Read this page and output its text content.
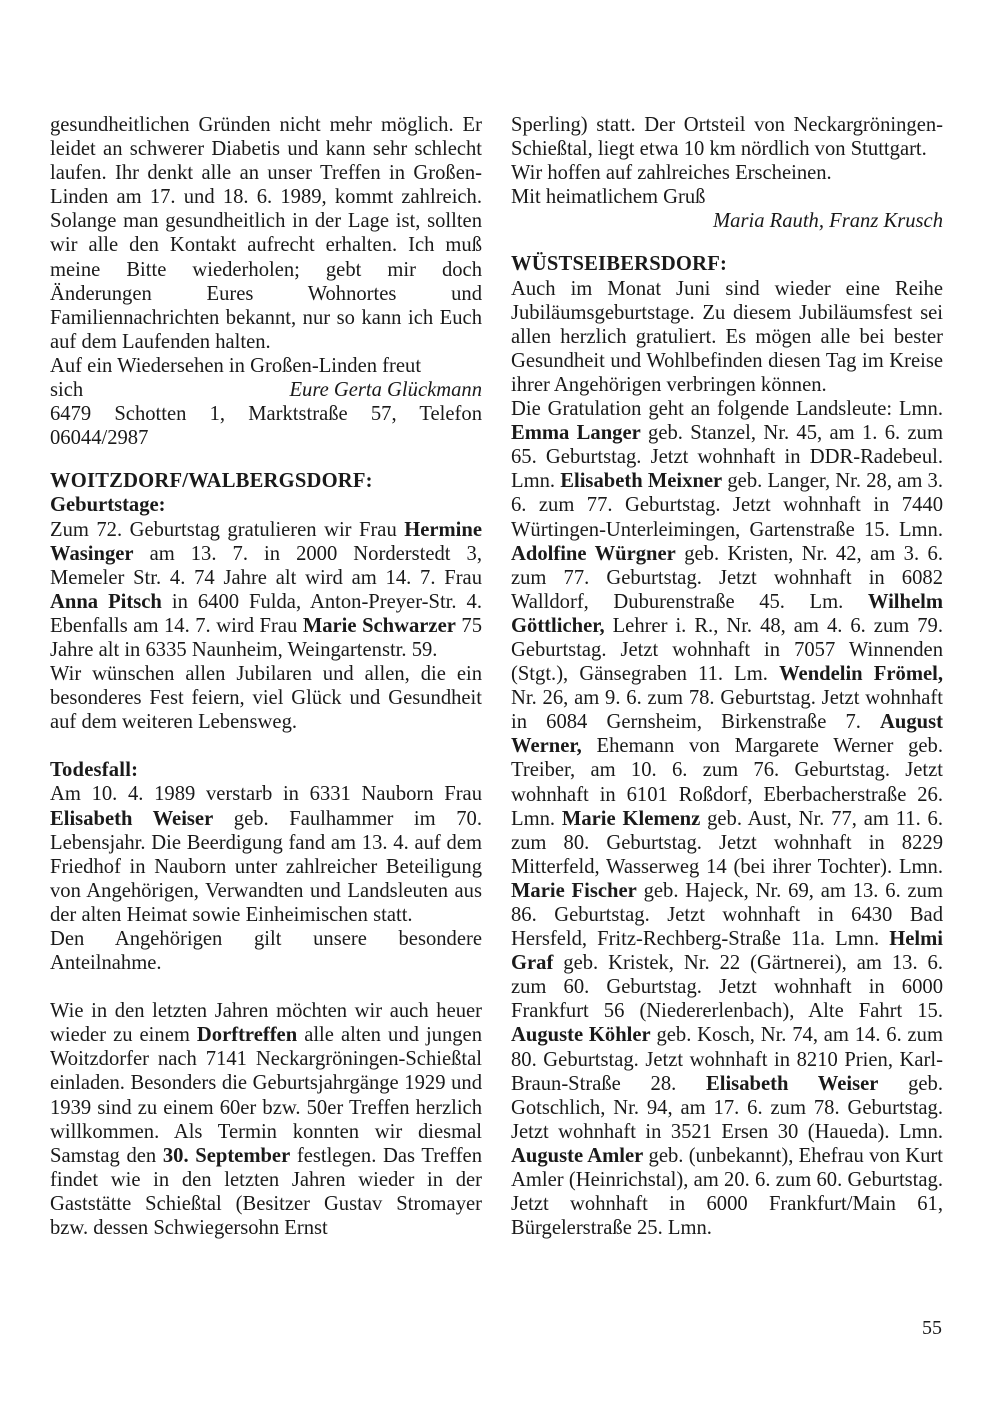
gesundheitlichen Gründen nicht mehr möglich. Er leidet an schwerer Diabetis und kann sehr schlecht laufen. Ihr denkt alle an unser Treffen in Großen-Linden am 17. und 18. 6. 1989, kommt zahlreich. Solange man gesundheitlich in der Lage ist, sollten wir alle den Kontakt aufrecht erhalten. Ich muß meine Bitte wiederholen; gebt mir doch Änderungen Eures Wohnortes und Familiennachrichten bekannt, nur so kann ich Euch auf dem Laufenden halten.

Auf ein Wiedersehen in Großen-Linden freut

sich	Eure Gerta Glückmann

6479 Schotten 1, Marktstraße 57, Telefon 06044/2987

WOITZDORF/WALBERGSDORF:

Geburtstage:

Zum 72. Geburtstag gratulieren wir Frau Hermine Wasinger am 13. 7. in 2000 Norderstedt 3, Memeler Str. 4. 74 Jahre alt wird am 14. 7. Frau Anna Pitsch in 6400 Fulda, Anton-Preyer-Str. 4. Ebenfalls am 14. 7. wird Frau Marie Schwarzer 75 Jahre alt in 6335 Naunheim, Weingartenstr. 59.

Wir wünschen allen Jubilaren und allen, die ein besonderes Fest feiern, viel Glück und Gesundheit auf dem weiteren Lebensweg.

Todesfall:

Am 10. 4. 1989 verstarb in 6331 Nauborn Frau Elisabeth Weiser geb. Faulhammer im 70. Lebensjahr. Die Beerdigung fand am 13. 4. auf dem Friedhof in Nauborn unter zahlreicher Beteiligung von Angehörigen, Verwandten und Landsleuten aus der alten Heimat sowie Einheimischen statt.

Den Angehörigen gilt unsere besondere Anteilnahme.

Wie in den letzten Jahren möchten wir auch heuer wieder zu einem Dorftreffen alle alten und jungen Woitzdorfer nach 7141 Neckargröningen-Schießtal einladen. Besonders die Geburtsjahrgänge 1929 und 1939 sind zu einem 60er bzw. 50er Treffen herzlich willkommen. Als Termin konnten wir diesmal Samstag den 30. September festlegen. Das Treffen findet wie in den letzten Jahren wieder in der Gaststätte Schießtal (Besitzer Gustav Stromayer bzw. dessen Schwiegersohn Ernst

Sperling) statt. Der Ortsteil von Neckargröningen-Schießtal, liegt etwa 10 km nördlich von Stuttgart.

Wir hoffen auf zahlreiches Erscheinen.

Mit heimatlichem Gruß

Maria Rauth, Franz Krusch

WÜSTSEIBERSDORF:

Auch im Monat Juni sind wieder eine Reihe Jubiläumsgeburtstage. Zu diesem Jubiläumsfest sei allen herzlich gratuliert. Es mögen alle bei bester Gesundheit und Wohlbefinden diesen Tag im Kreise ihrer Angehörigen verbringen können.

Die Gratulation geht an folgende Landsleute: Lmn. Emma Langer geb. Stanzel, Nr. 45, am 1. 6. zum 65. Geburtstag. Jetzt wohnhaft in DDR-Radebeul. Lmn. Elisabeth Meixner geb. Langer, Nr. 28, am 3. 6. zum 77. Geburtstag. Jetzt wohnhaft in 7440 Würtingen-Unterleimingen, Gartenstraße 15. Lmn. Adolfine Würgner geb. Kristen, Nr. 42, am 3. 6. zum 77. Geburtstag. Jetzt wohnhaft in 6082 Walldorf, Duburenstraße 45. Lm. Wilhelm Göttlicher, Lehrer i. R., Nr. 48, am 4. 6. zum 79. Geburtstag. Jetzt wohnhaft in 7057 Winnenden (Stgt.), Gänsegraben 11. Lm. Wendelin Frömel, Nr. 26, am 9. 6. zum 78. Geburtstag. Jetzt wohnhaft in 6084 Gernsheim, Birkenstraße 7. August Werner, Ehemann von Margarete Werner geb. Treiber, am 10. 6. zum 76. Geburtstag. Jetzt wohnhaft in 6101 Roßdorf, Eberbacherstraße 26. Lmn. Marie Klemenz geb. Aust, Nr. 77, am 11. 6. zum 80. Geburtstag. Jetzt wohnhaft in 8229 Mitterfeld, Wasserweg 14 (bei ihrer Tochter). Lmn. Marie Fischer geb. Hajeck, Nr. 69, am 13. 6. zum 86. Geburtstag. Jetzt wohnhaft in 6430 Bad Hersfeld, Fritz-Rechberg-Straße 11a. Lmn. Helmi Graf geb. Kristek, Nr. 22 (Gärtnerei), am 13. 6. zum 60. Geburtstag. Jetzt wohnhaft in 6000 Frankfurt 56 (Niedererlenbach), Alte Fahrt 15. Auguste Köhler geb. Kosch, Nr. 74, am 14. 6. zum 80. Geburtstag. Jetzt wohnhaft in 8210 Prien, Karl-Braun-Straße 28. Elisabeth Weiser geb. Gotschlich, Nr. 94, am 17. 6. zum 78. Geburtstag. Jetzt wohnhaft in 3521 Ersen 30 (Haueda). Lmn. Auguste Amler geb. (unbekannt), Ehefrau von Kurt Amler (Heinrichstal), am 20. 6. zum 60. Geburtstag. Jetzt wohnhaft in 6000 Frankfurt/Main 61, Bürgelerstraße 25. Lmn.

55
